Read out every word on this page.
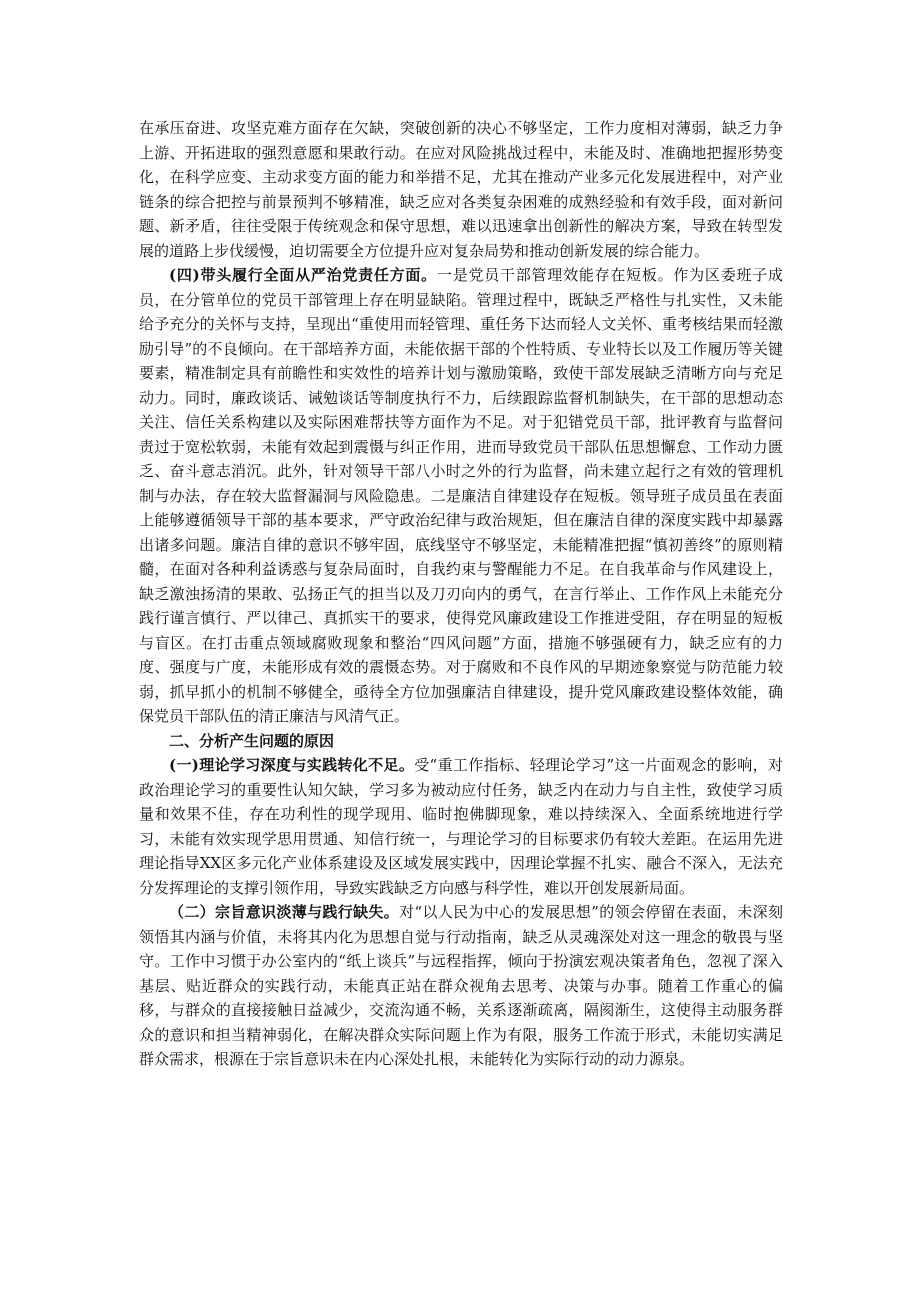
在承压奋进、攻坚克难方面存在欠缺，突破创新的决心不够坚定，工作力度相对薄弱，缺乏力争上游、开拓进取的强烈意愿和果敢行动。在应对风险挑战过程中，未能及时、准确地把握形势变化，在科学应变、主动求变方面的能力和举措不足，尤其在推动产业多元化发展进程中，对产业链条的综合把控与前景预判不够精准，缺乏应对各类复杂困难的成熟经验和有效手段，面对新问题、新矛盾，往往受限于传统观念和保守思想，难以迅速拿出创新性的解决方案，导致在转型发展的道路上步伐缓慢，迫切需要全方位提升应对复杂局势和推动创新发展的综合能力。

(四)带头履行全面从严治党责任方面。一是党员干部管理效能存在短板。作为区委班子成员，在分管单位的党员干部管理上存在明显缺陷。管理过程中，既缺乏严格性与扎实性，又未能给予充分的关怀与支持，呈现出“重使用而轻管理、重任务下达而轻人文关怀、重考核结果而轻激励引导”的不良倾向。在干部培养方面，未能依据干部的个性特质、专业特长以及工作履历等关键要素，精准制定具有前瞻性和实效性的培养计划与激励策略，致使干部发展缺乏清晰方向与充足动力。同时，廉政谈话、诫勉谈话等制度执行不力，后续跟踪监督机制缺失，在干部的思想动态关注、信任关系构建以及实际困难帮扶等方面作为不足。对于犯错党员干部，批评教育与监督问责过于宽松软弱，未能有效起到震慑与纠正作用，进而导致党员干部队伍思想懈怠、工作动力匮乏、奋斗意志消沉。此外，针对领导干部八小时之外的行为监督，尚未建立起行之有效的管理机制与办法，存在较大监督漏洞与风险隐患。二是廉洁自律建设存在短板。领导班子成员虽在表面上能够遵循领导干部的基本要求，严守政治纪律与政治规矩，但在廉洁自律的深度实践中却暴露出诸多问题。廉洁自律的意识不够牢固，底线坚守不够坚定，未能精准把握“慎初善终”的原则精髓，在面对各种利益诱惑与复杂局面时，自我约束与警醒能力不足。在自我革命与作风建设上，缺乏激浊扬清的果敢、弘扬正气的担当以及刀刃向内的勇气，在言行举止、工作作风上未能充分践行谨言慎行、严以律己、真抓实干的要求，使得党风廉政建设工作推进受阻，存在明显的短板与盲区。在打击重点领域腐败现象和整治“四风问题”方面，措施不够强硬有力，缺乏应有的力度、强度与广度，未能形成有效的震慑态势。对于腐败和不良作风的早期迹象察觉与防范能力较弱，抓早抓小的机制不够健全，亟待全方位加强廉洁自律建设，提升党风廉政建设整体效能，确保党员干部队伍的清正廉洁与风清气正。

二、分析产生问题的原因

(一)理论学习深度与实践转化不足。受“重工作指标、轻理论学习”这一片面观念的影响，对政治理论学习的重要性认知欠缺，学习多为被动应付任务，缺乏内在动力与自主性，致使学习质量和效果不佳，存在功利性的现学现用、临时抱佛脚现象，难以持续深入、全面系统地进行学习，未能有效实现学思用贯通、知信行统一，与理论学习的目标要求仍有较大差距。在运用先进理论指导XX区多元化产业体系建设及区域发展实践中，因理论掌握不扎实、融合不深入，无法充分发挥理论的支撑引领作用，导致实践缺乏方向感与科学性，难以开创发展新局面。

（二）宗旨意识淡薄与践行缺失。对“以人民为中心的发展思想”的领会停留在表面，未深刻领悟其内涵与价值，未将其内化为思想自觉与行动指南，缺乏从灵魂深处对这一理念的敬畏与坚守。工作中习惯于办公室内的“纸上谈兵”与远程指挥，倾向于扮演宏观决策者角色，忽视了深入基层、贴近群众的实践行动，未能真正站在群众视角去思考、决策与办事。随着工作重心的偏移，与群众的直接接触日益减少，交流沟通不畅，关系逐渐疏离，隔阂渐生，这使得主动服务群众的意识和担当精神弱化，在解决群众实际问题上作为有限，服务工作流于形式，未能切实满足群众需求，根源在于宗旨意识未在内心深处扎根，未能转化为实际行动的动力源泉。
